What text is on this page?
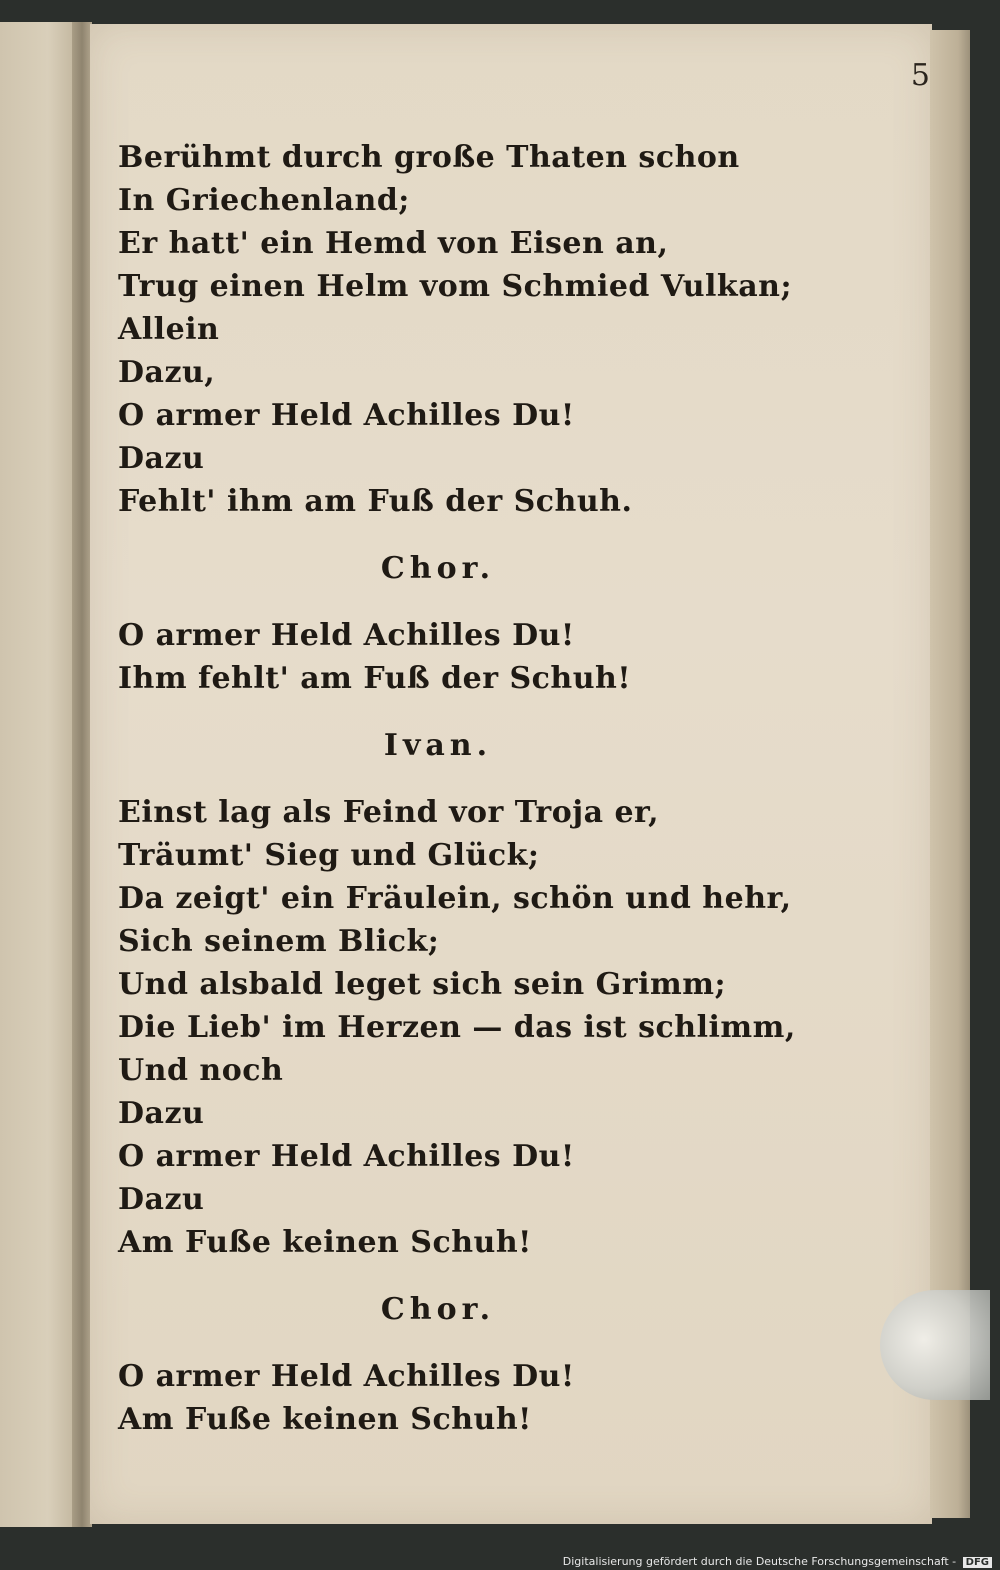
5
Berühmt durch große Thaten schon
In Griechenland;
Er hatt' ein Hemd von Eisen an,
Trug einen Helm vom Schmied Vulkan;
Allein
Dazu,
O armer Held Achilles Du!
Dazu
Fehlt' ihm am Fuß der Schuh.
Chor.
O armer Held Achilles Du!
Ihm fehlt' am Fuß der Schuh!
Ivan.
Einst lag als Feind vor Troja er,
Träumt' Sieg und Glück;
Da zeigt' ein Fräulein, schön und hehr,
Sich seinem Blick;
Und alsbald leget sich sein Grimm;
Die Lieb' im Herzen — das ist schlimm,
Und noch
Dazu
O armer Held Achilles Du!
Dazu
Am Fuße keinen Schuh!
Chor.
O armer Held Achilles Du!
Am Fuße keinen Schuh!
Digitalisierung gefördert durch die Deutsche Forschungsgemeinschaft - DFG
